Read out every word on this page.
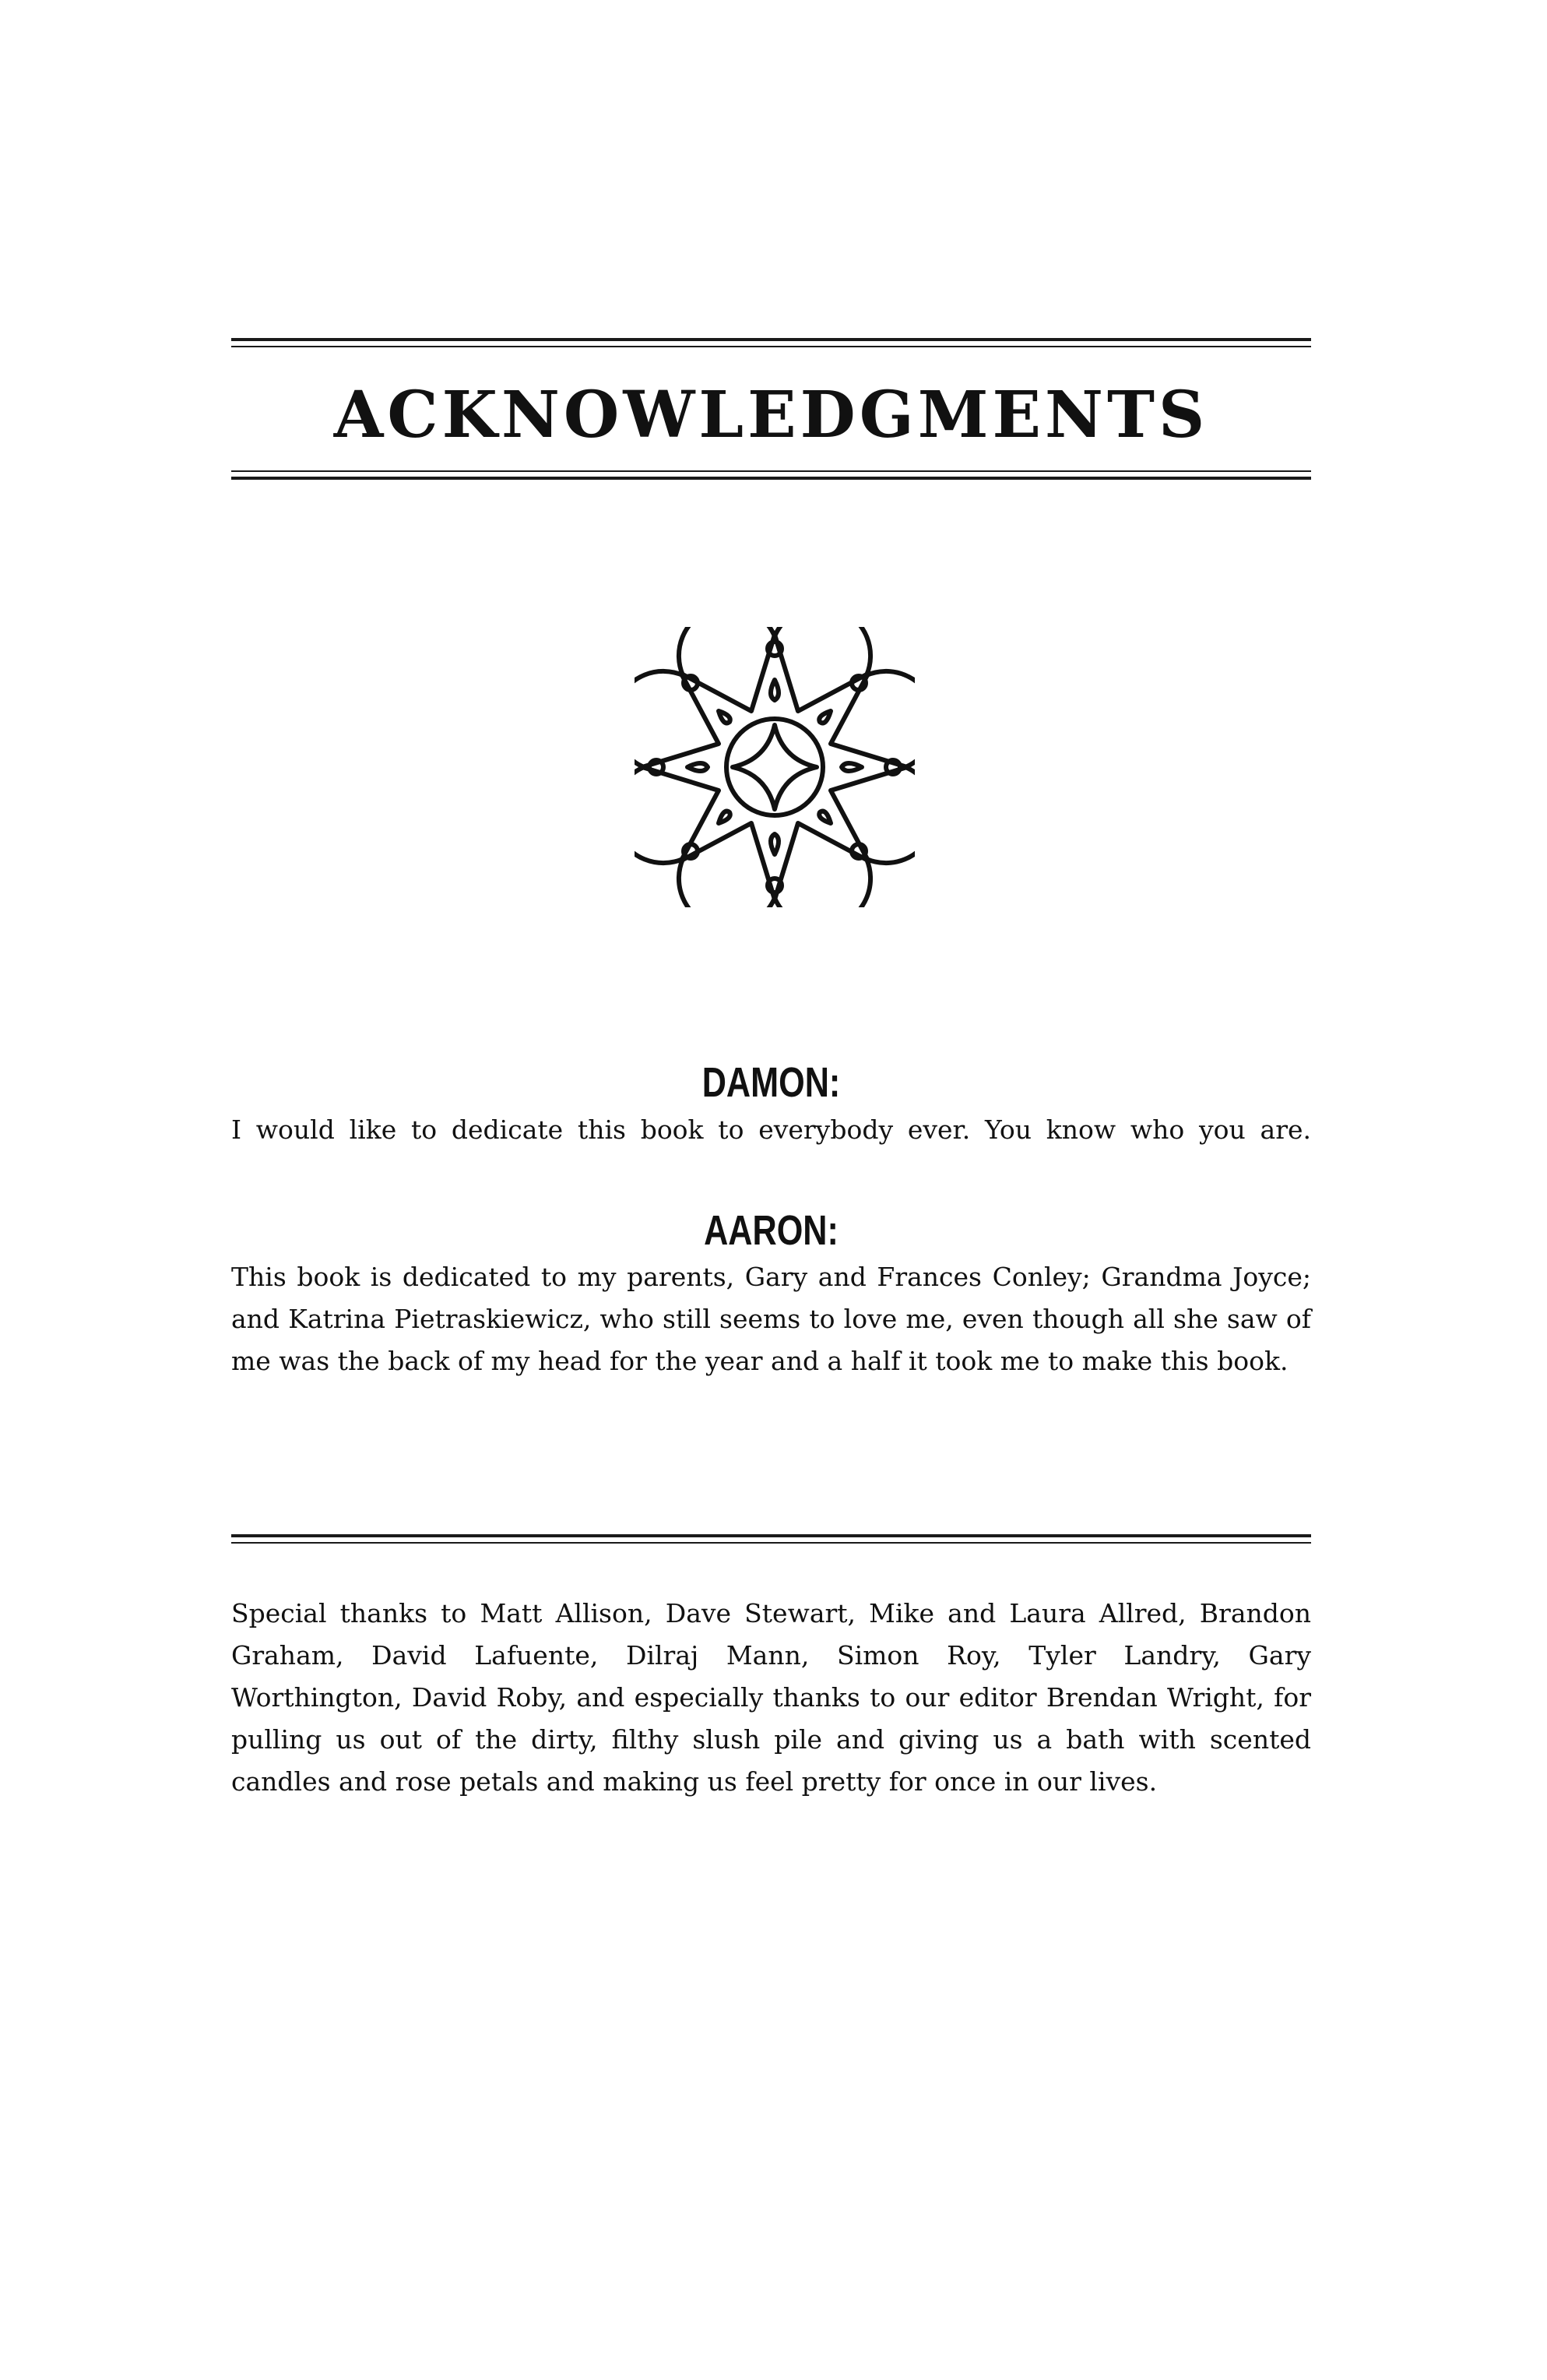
ACKNOWLEDGMENTS
DAMON:

I would like to dedicate this book to everybody ever. You know who you are.

AARON:

This book is dedicated to my parents, Gary and Frances Conley; Grandma Joyce; and Katrina Pietraskiewicz, who still seems to love me, even though all she saw of me was the back of my head for the year and a half it took me to make this book.

Special thanks to Matt Allison, Dave Stewart, Mike and Laura Allred, Brandon Graham, David Lafuente, Dilraj Mann, Simon Roy, Tyler Landry, Gary Worthington, David Roby, and especially thanks to our editor Brendan Wright, for pulling us out of the dirty, filthy slush pile and giving us a bath with scented candles and rose petals and making us feel pretty for once in our lives.
